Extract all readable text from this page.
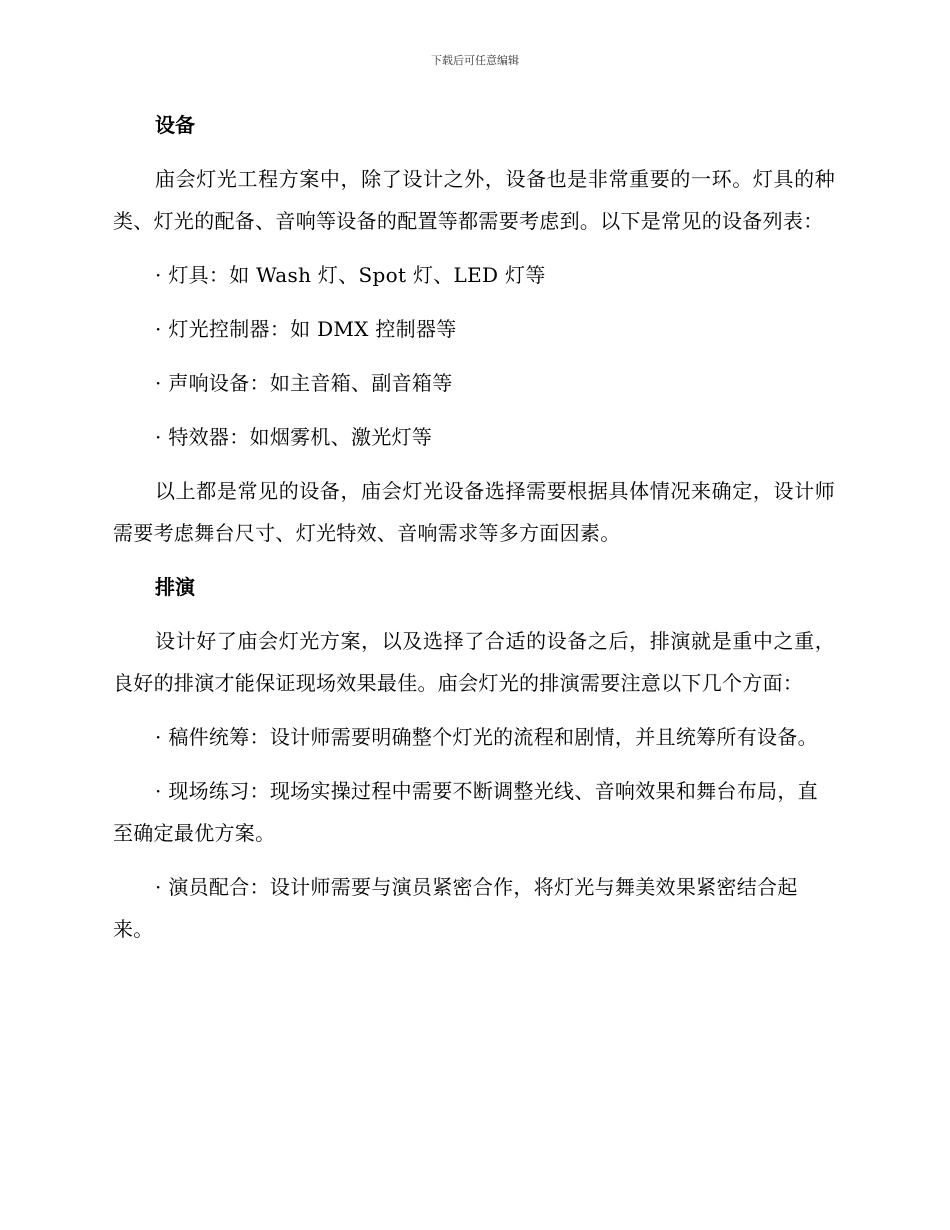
下载后可任意编辑
设备

庙会灯光工程方案中，除了设计之外，设备也是非常重要的一环。灯具的种类、灯光的配备、音响等设备的配置等都需要考虑到。以下是常见的设备列表：

· 灯具：如 Wash 灯、Spot 灯、LED 灯等

· 灯光控制器：如 DMX 控制器等

· 声响设备：如主音箱、副音箱等

· 特效器：如烟雾机、激光灯等

以上都是常见的设备，庙会灯光设备选择需要根据具体情况来确定，设计师需要考虑舞台尺寸、灯光特效、音响需求等多方面因素。

排演

设计好了庙会灯光方案，以及选择了合适的设备之后，排演就是重中之重，良好的排演才能保证现场效果最佳。庙会灯光的排演需要注意以下几个方面：

· 稿件统筹：设计师需要明确整个灯光的流程和剧情，并且统筹所有设备。

· 现场练习：现场实操过程中需要不断调整光线、音响效果和舞台布局，直至确定最优方案。

· 演员配合：设计师需要与演员紧密合作，将灯光与舞美效果紧密结合起来。
